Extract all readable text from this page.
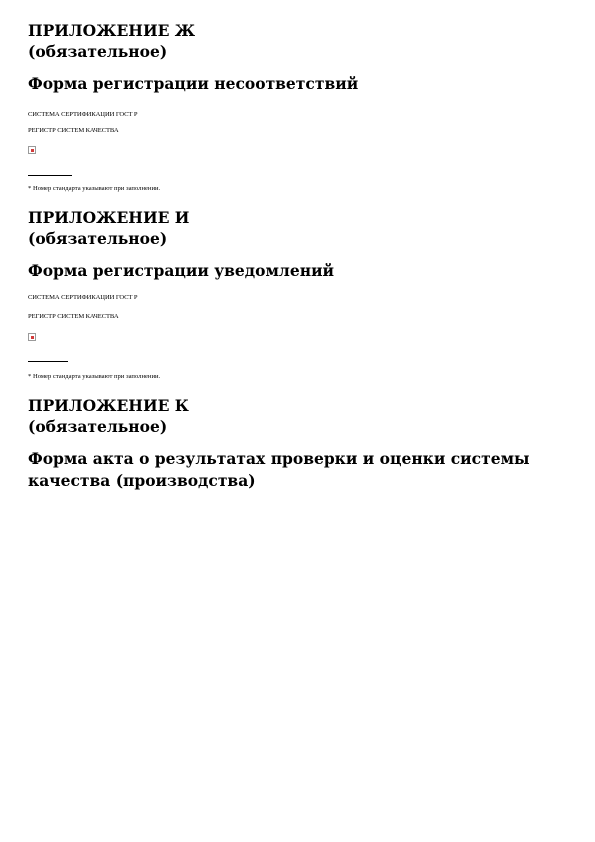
ПРИЛОЖЕНИЕ Ж
(обязательное)
Форма регистрации несоответствий

СИСТЕМА СЕРТИФИКАЦИИ ГОСТ Р

РЕГИСТР СИСТЕМ КАЧЕСТВА

* Номер стандарта указывают при заполнении.

ПРИЛОЖЕНИЕ И
(обязательное)
Форма регистрации уведомлений

СИСТЕМА СЕРТИФИКАЦИИ ГОСТ Р

РЕГИСТР СИСТЕМ КАЧЕСТВА

* Номер стандарта указывают при заполнении.

ПРИЛОЖЕНИЕ К
(обязательное)
Форма акта о результатах проверки и оценки системы
качества (производства)
